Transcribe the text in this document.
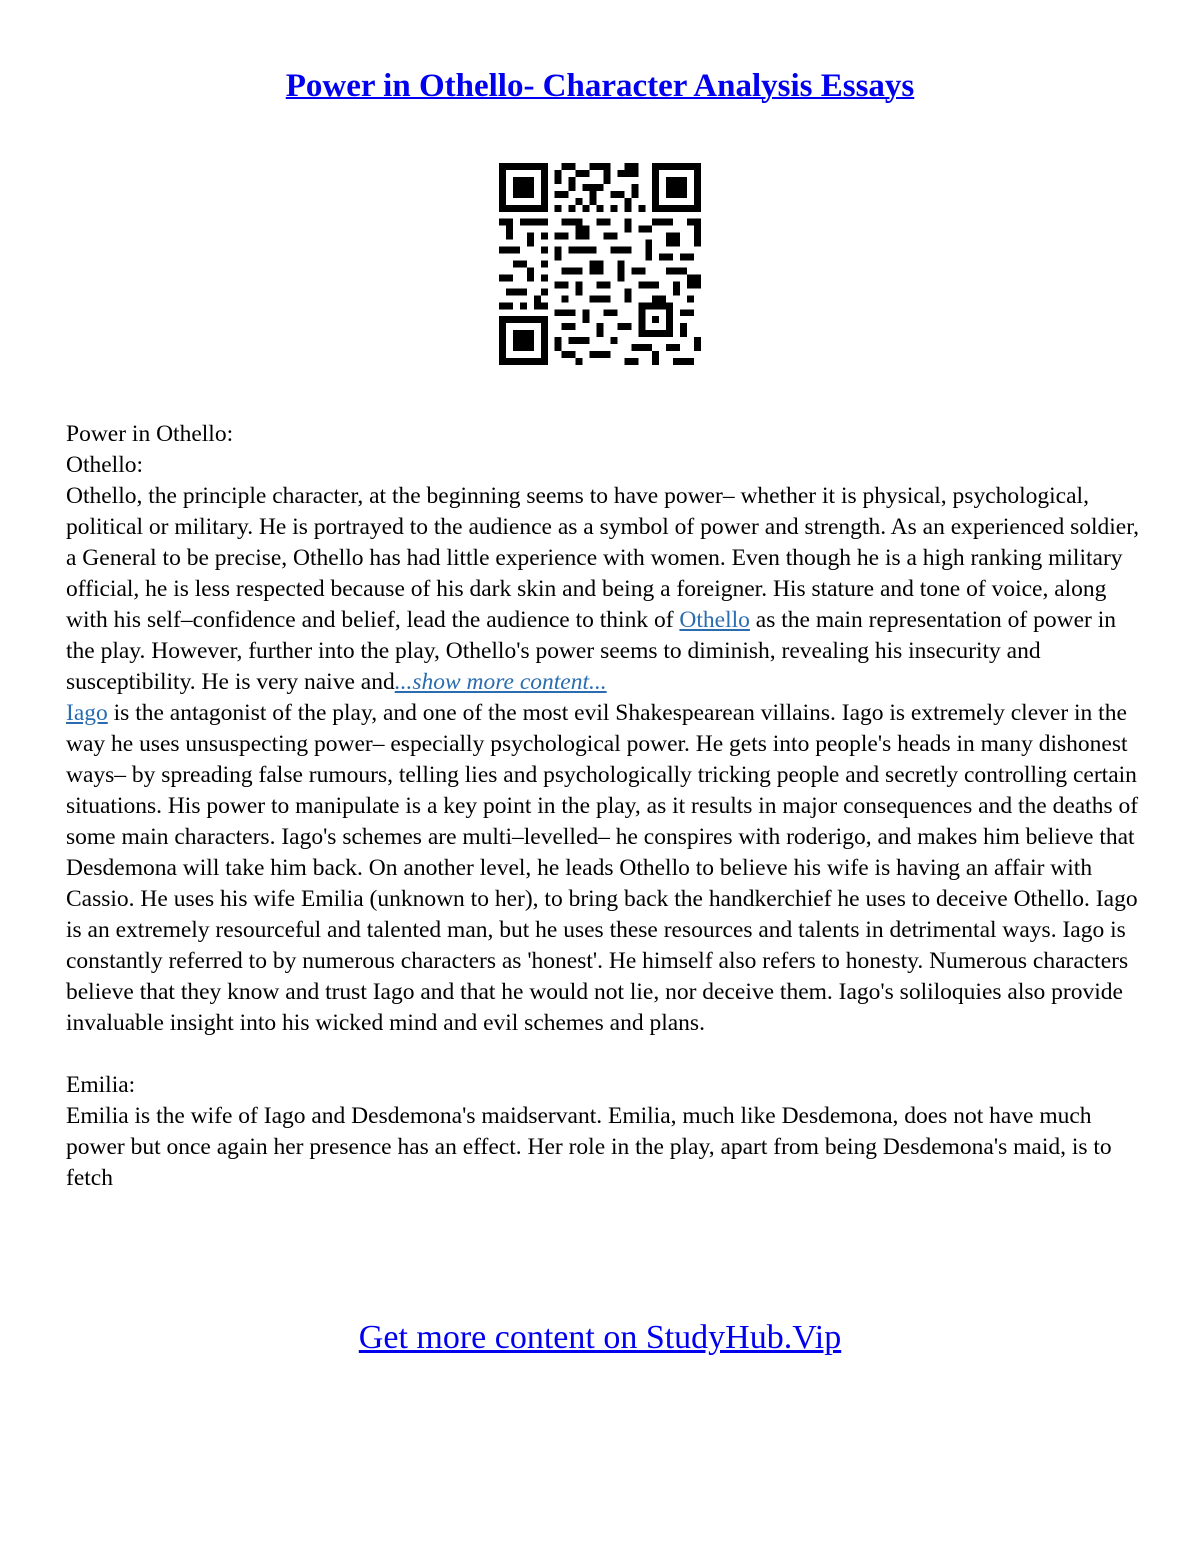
Power in Othello- Character Analysis Essays

Power in Othello:

Othello:

Othello, the principle character, at the beginning seems to have power– whether it is physical, psychological, political or military. He is portrayed to the audience as a symbol of power and strength. As an experienced soldier, a General to be precise, Othello has had little experience with women. Even though he is a high ranking military official, he is less respected because of his dark skin and being a foreigner. His stature and tone of voice, along with his self–confidence and belief, lead the audience to think of Othello as the main representation of power in the play. However, further into the play, Othello's power seems to diminish, revealing his insecurity and susceptibility. He is very naive and...show more content...

Iago is the antagonist of the play, and one of the most evil Shakespearean villains. Iago is extremely clever in the way he uses unsuspecting power– especially psychological power. He gets into people's heads in many dishonest ways– by spreading false rumours, telling lies and psychologically tricking people and secretly controlling certain situations. His power to manipulate is a key point in the play, as it results in major consequences and the deaths of some main characters. Iago's schemes are multi–levelled– he conspires with roderigo, and makes him believe that Desdemona will take him back. On another level, he leads Othello to believe his wife is having an affair with Cassio. He uses his wife Emilia (unknown to her), to bring back the handkerchief he uses to deceive Othello. Iago is an extremely resourceful and talented man, but he uses these resources and talents in detrimental ways. Iago is constantly referred to by numerous characters as 'honest'. He himself also refers to honesty. Numerous characters believe that they know and trust Iago and that he would not lie, nor deceive them. Iago's soliloquies also provide invaluable insight into his wicked mind and evil schemes and plans.

Emilia:

Emilia is the wife of Iago and Desdemona's maidservant. Emilia, much like Desdemona, does not have much power but once again her presence has an effect. Her role in the play, apart from being Desdemona's maid, is to fetch

Get more content on StudyHub.Vip
